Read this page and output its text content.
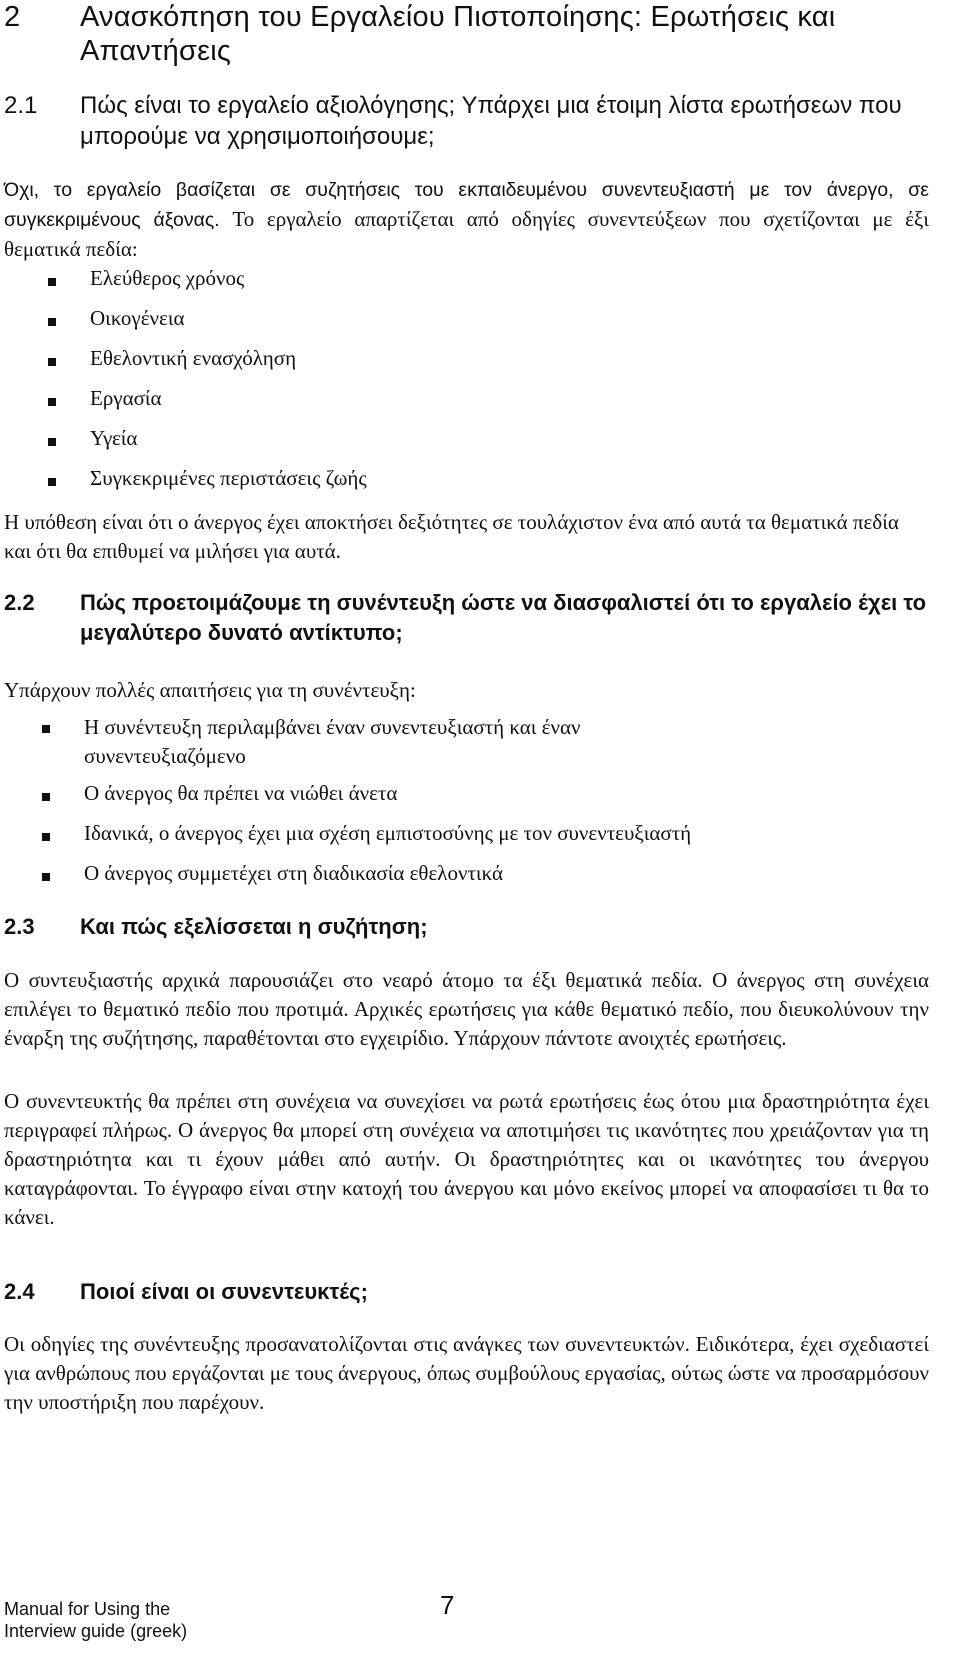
2 Ανασκόπηση του Εργαλείου Πιστοποίησης: Ερωτήσεις και Απαντήσεις
2.1 Πώς είναι το εργαλείο αξιολόγησης; Υπάρχει μια έτοιμη λίστα ερωτήσεων που μπορούμε να χρησιμοποιήσουμε;

Όχι, το εργαλείο βασίζεται σε συζητήσεις του εκπαιδευμένου συνεντευξιαστή με τον άνεργο, σε συγκεκριμένους άξονας. Το εργαλείο απαρτίζεται από οδηγίες συνεντεύξεων που σχετίζονται με έξι θεματικά πεδία:

Ελεύθερος χρόνος
Οικογένεια
Εθελοντική ενασχόληση
Εργασία
Υγεία
Συγκεκριμένες περιστάσεις ζωής

Η υπόθεση είναι ότι ο άνεργος έχει αποκτήσει δεξιότητες σε τουλάχιστον ένα από αυτά τα θεματικά πεδία και ότι θα επιθυμεί να μιλήσει για αυτά.

2.2 Πώς προετοιμάζουμε τη συνέντευξη ώστε να διασφαλιστεί ότι το εργαλείο έχει το μεγαλύτερο δυνατό αντίκτυπο;

Υπάρχουν πολλές απαιτήσεις για τη συνέντευξη:

Η συνέντευξη περιλαμβάνει έναν συνεντευξιαστή και έναν συνεντευξιαζόμενο
Ο άνεργος θα πρέπει να νιώθει άνετα
Ιδανικά, ο άνεργος έχει μια σχέση εμπιστοσύνης με τον συνεντευξιαστή
Ο άνεργος συμμετέχει στη διαδικασία εθελοντικά
2.3 Και πώς εξελίσσεται η συζήτηση;

Ο συντευξιαστής αρχικά παρουσιάζει στο νεαρό άτομο τα έξι θεματικά πεδία. Ο άνεργος στη συνέχεια επιλέγει το θεματικό πεδίο που προτιμά. Αρχικές ερωτήσεις για κάθε θεματικό πεδίο, που διευκολύνουν την έναρξη της συζήτησης, παραθέτονται στο εγχειρίδιο. Υπάρχουν πάντοτε ανοιχτές ερωτήσεις.

Ο συνεντευκτής θα πρέπει στη συνέχεια να συνεχίσει να ρωτά ερωτήσεις έως ότου μια δραστηριότητα έχει περιγραφεί πλήρως. Ο άνεργος θα μπορεί στη συνέχεια να αποτιμήσει τις ικανότητες που χρειάζονταν για τη δραστηριότητα και τι έχουν μάθει από αυτήν. Οι δραστηριότητες και οι ικανότητες του άνεργου καταγράφονται. Το έγγραφο είναι στην κατοχή του άνεργου και μόνο εκείνος μπορεί να αποφασίσει τι θα το κάνει.

2.4 Ποιοί είναι οι συνεντευκτές;

Οι οδηγίες της συνέντευξης προσανατολίζονται στις ανάγκες των συνεντευκτών. Ειδικότερα, έχει σχεδιαστεί για ανθρώπους που εργάζονται με τους άνεργους, όπως συμβούλους εργασίας, ούτως ώστε να προσαρμόσουν την υποστήριξη που παρέχουν.

Manual for Using the
Interview guide (greek)
7
